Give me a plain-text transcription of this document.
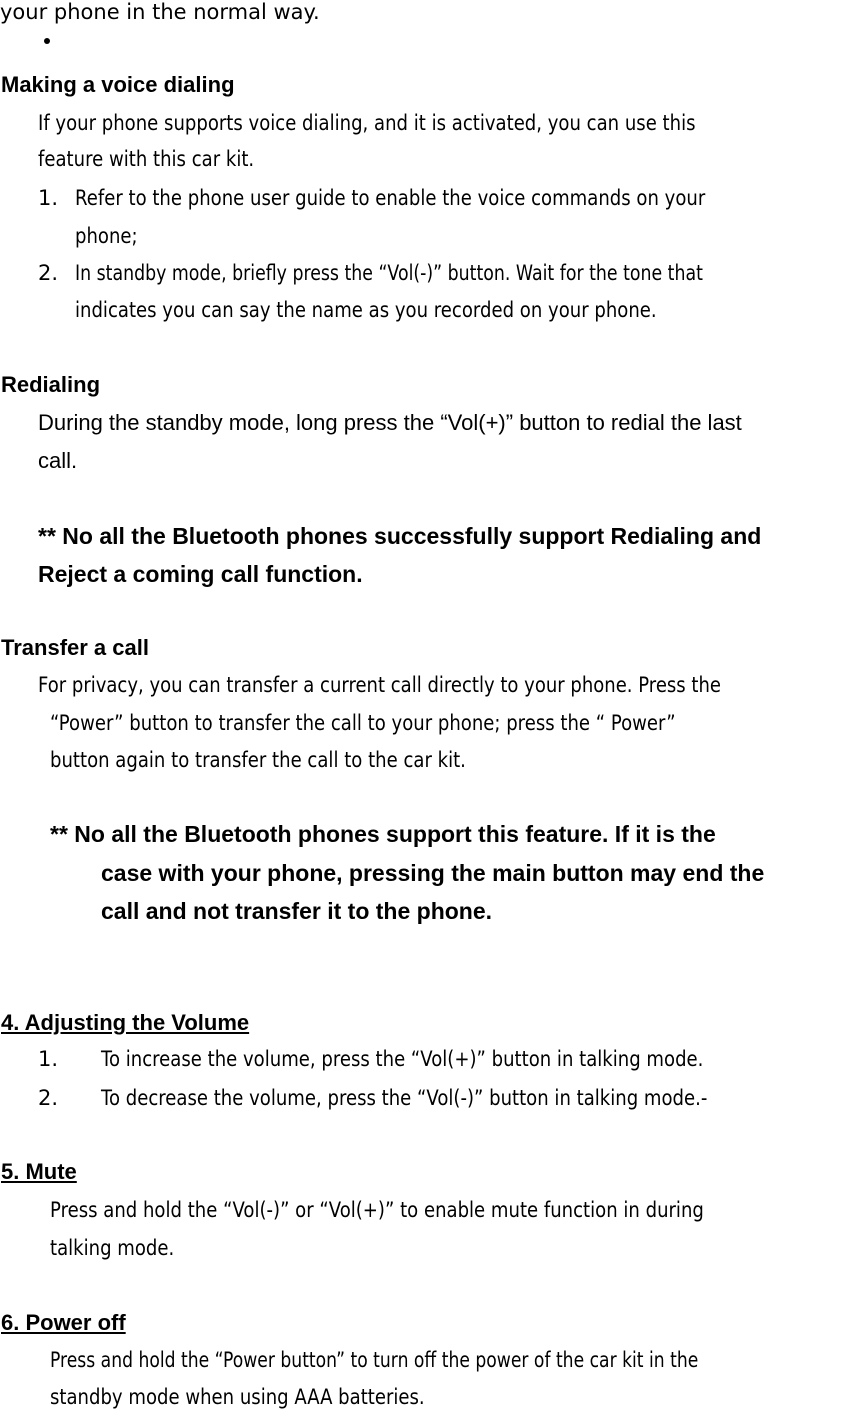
your phone in the normal way.
Making a voice dialing
If your phone supports voice dialing, and it is activated, you can use this
feature with this car kit.
1. Refer to the phone user guide to enable the voice commands on your
phone;
2. In standby mode, briefly press the “Vol(-)” button. Wait for the tone that
indicates you can say the name as you recorded on your phone.
Redialing
During the standby mode, long press the “Vol(+)” button to redial the last
call.
** No all the Bluetooth phones successfully support Redialing and
Reject a coming call function.
Transfer a call
For privacy, you can transfer a current call directly to your phone. Press the
“Power” button to transfer the call to your phone; press the “ Power”
button again to transfer the call to the car kit.
** No all the Bluetooth phones support this feature. If it is the
case with your phone, pressing the main button may end the
call and not transfer it to the phone.
4. Adjusting the Volume
1. To increase the volume, press the “Vol(+)” button in talking mode.
2. To decrease the volume, press the “Vol(-)” button in talking mode.-
5. Mute
Press and hold the “Vol(-)” or “Vol(+)” to enable mute function in during
talking mode.
6. Power off
Press and hold the “Power button” to turn off the power of the car kit in the
standby mode when using AAA batteries.
